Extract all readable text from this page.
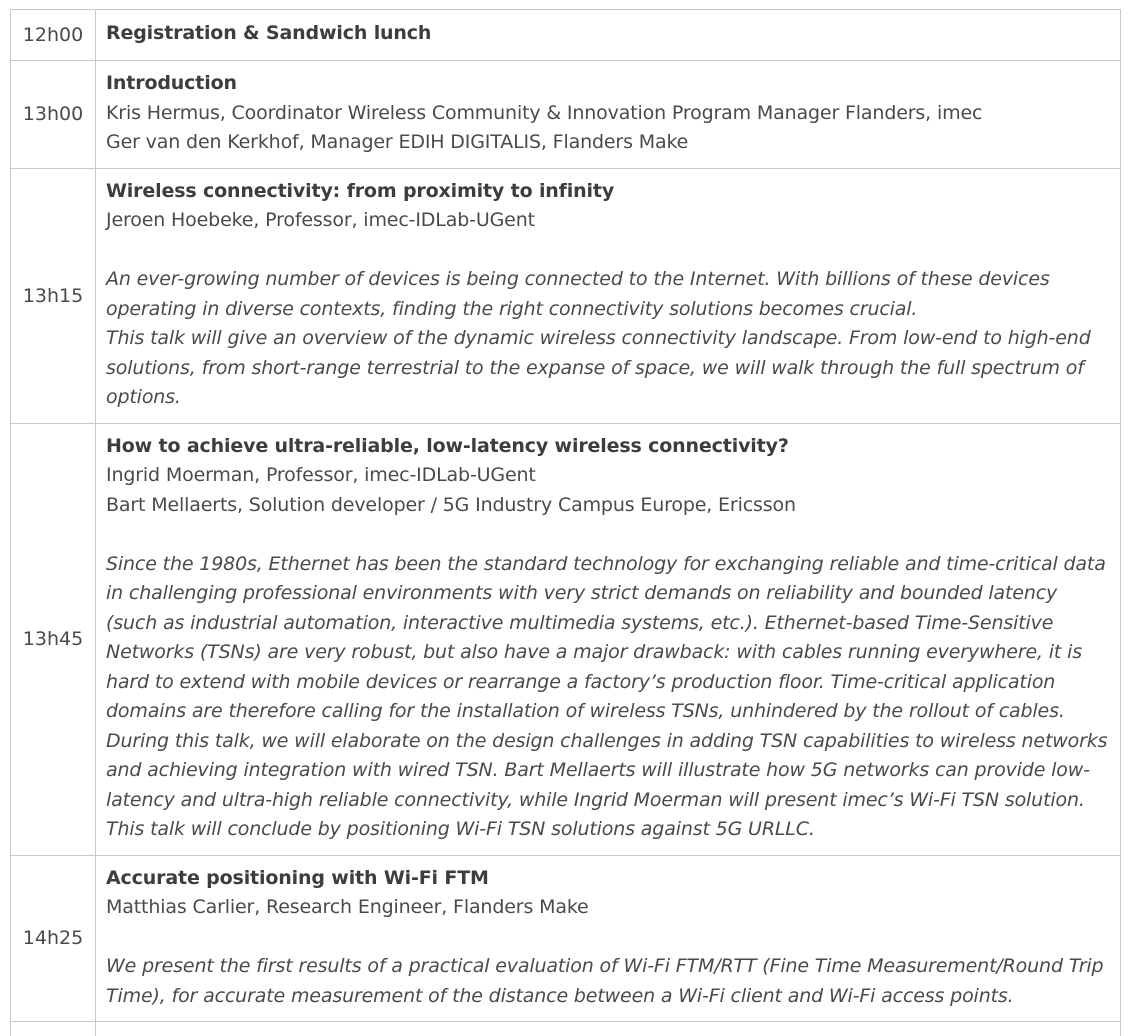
12h00	Registration & Sandwich lunch

13h00	Introduction
Kris Hermus, Coordinator Wireless Community & Innovation Program Manager Flanders, imec
Ger van den Kerkhof, Manager EDIH DIGITALIS, Flanders Make

13h15	Wireless connectivity: from proximity to infinity
Jeroen Hoebeke, Professor, imec-IDLab-UGent

An ever-growing number of devices is being connected to the Internet. With billions of these devices operating in diverse contexts, finding the right connectivity solutions becomes crucial.

This talk will give an overview of the dynamic wireless connectivity landscape. From low-end to high-end solutions, from short-range terrestrial to the expanse of space, we will walk through the full spectrum of options.

13h45	How to achieve ultra-reliable, low-latency wireless connectivity?
Ingrid Moerman, Professor, imec-IDLab-UGent
Bart Mellaerts, Solution developer / 5G Industry Campus Europe, Ericsson

Since the 1980s, Ethernet has been the standard technology for exchanging reliable and time-critical data in challenging professional environments with very strict demands on reliability and bounded latency (such as industrial automation, interactive multimedia systems, etc.). Ethernet-based Time-Sensitive Networks (TSNs) are very robust, but also have a major drawback: with cables running everywhere, it is hard to extend with mobile devices or rearrange a factory’s production floor. Time-critical application domains are therefore calling for the installation of wireless TSNs, unhindered by the rollout of cables. During this talk, we will elaborate on the design challenges in adding TSN capabilities to wireless networks and achieving integration with wired TSN. Bart Mellaerts will illustrate how 5G networks can provide low-latency and ultra-high reliable connectivity, while Ingrid Moerman will present imec’s Wi-Fi TSN solution. This talk will conclude by positioning Wi-Fi TSN solutions against 5G URLLC.

14h25	Accurate positioning with Wi-Fi FTM
Matthias Carlier, Research Engineer, Flanders Make

We present the first results of a practical evaluation of Wi-Fi FTM/RTT (Fine Time Measurement/Round Trip Time), for accurate measurement of the distance between a Wi-Fi client and Wi-Fi access points.
